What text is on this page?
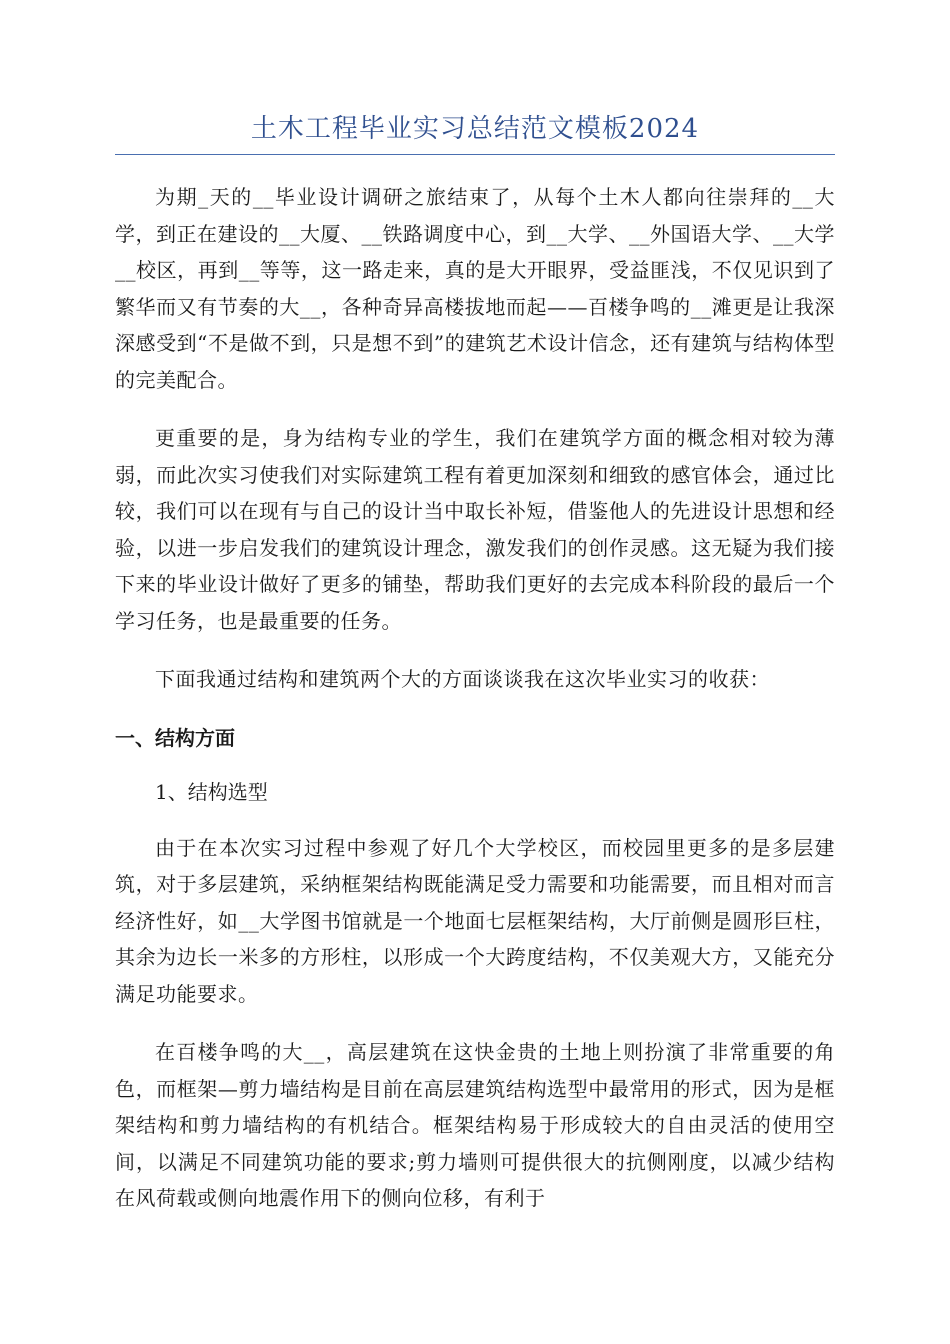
土木工程毕业实习总结范文模板2024

为期_天的__毕业设计调研之旅结束了，从每个土木人都向往崇拜的__大学，到正在建设的__大厦、__铁路调度中心，到__大学、__外国语大学、__大学__校区，再到__等等，这一路走来，真的是大开眼界，受益匪浅，不仅见识到了繁华而又有节奏的大__，各种奇异高楼拔地而起——百楼争鸣的__滩更是让我深深感受到“不是做不到，只是想不到”的建筑艺术设计信念，还有建筑与结构体型的完美配合。

更重要的是，身为结构专业的学生，我们在建筑学方面的概念相对较为薄弱，而此次实习使我们对实际建筑工程有着更加深刻和细致的感官体会，通过比较，我们可以在现有与自己的设计当中取长补短，借鉴他人的先进设计思想和经验，以进一步启发我们的建筑设计理念，激发我们的创作灵感。这无疑为我们接下来的毕业设计做好了更多的铺垫，帮助我们更好的去完成本科阶段的最后一个学习任务，也是最重要的任务。

下面我通过结构和建筑两个大的方面谈谈我在这次毕业实习的收获：

一、结构方面
1、结构选型

由于在本次实习过程中参观了好几个大学校区，而校园里更多的是多层建筑，对于多层建筑，采纳框架结构既能满足受力需要和功能需要，而且相对而言经济性好，如__大学图书馆就是一个地面七层框架结构，大厅前侧是圆形巨柱，其余为边长一米多的方形柱，以形成一个大跨度结构，不仅美观大方，又能充分满足功能要求。

在百楼争鸣的大__，高层建筑在这快金贵的土地上则扮演了非常重要的角色，而框架—剪力墙结构是目前在高层建筑结构选型中最常用的形式，因为是框架结构和剪力墙结构的有机结合。框架结构易于形成较大的自由灵活的使用空间，以满足不同建筑功能的要求;剪力墙则可提供很大的抗侧刚度，以减少结构在风荷载或侧向地震作用下的侧向位移，有利于
